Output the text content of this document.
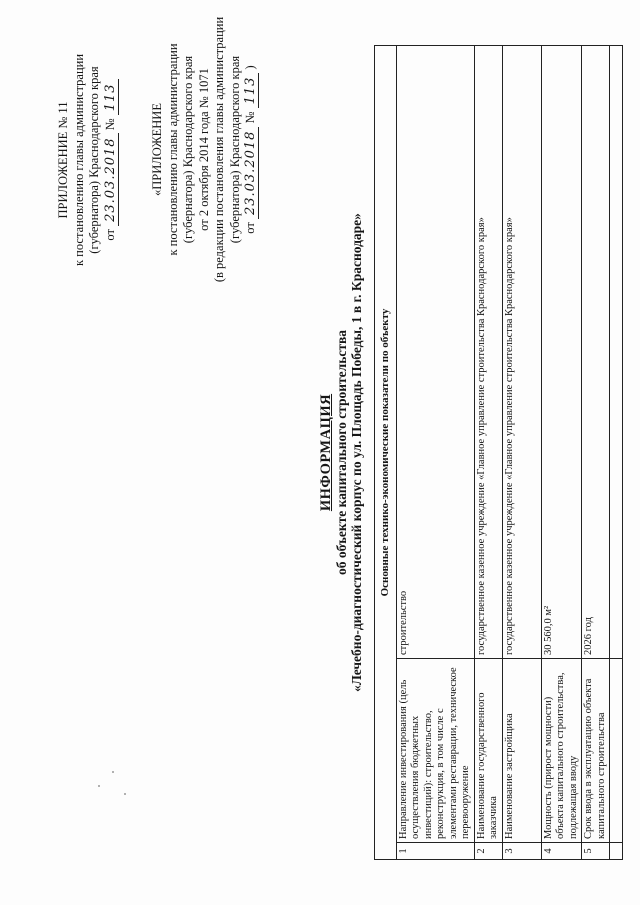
ПРИЛОЖЕНИЕ № 11 к постановлению главы администрации (губернатора) Краснодарского края от 23.03.2018 № 113
«ПРИЛОЖЕНИЕ к постановлению главы администрации (губернатора) Краснодарского края от 2 октября 2014 года № 1071 (в редакции постановления главы администрации (губернатора) Краснодарского края от 23.03.2018 № 113 )
ИНФОРМАЦИЯ об объекте капитального строительства «Лечебно-диагностический корпус по ул. Площадь Победы, 1 в г. Краснодаре» Основные технико-экономические показатели по объекту		
1	Направление инвестирования (цель осуществления бюджетных инвестиций): строительство, реконструкция, в том числе с элементами реставрации, техническое перевооружение	строительство
2	Наименование государственного заказчика	государственное казенное учреждение «Главное управление строительства Краснодарского края»
3	Наименование застройщика	государственное казенное учреждение «Главное управление строительства Краснодарского края»
4	Мощность (прирост мощности) объекта капитального строительства, подлежащая вводу	30 560,0 м²
5	Срок ввода в эксплуатацию объекта капитального строительства	2026 год
